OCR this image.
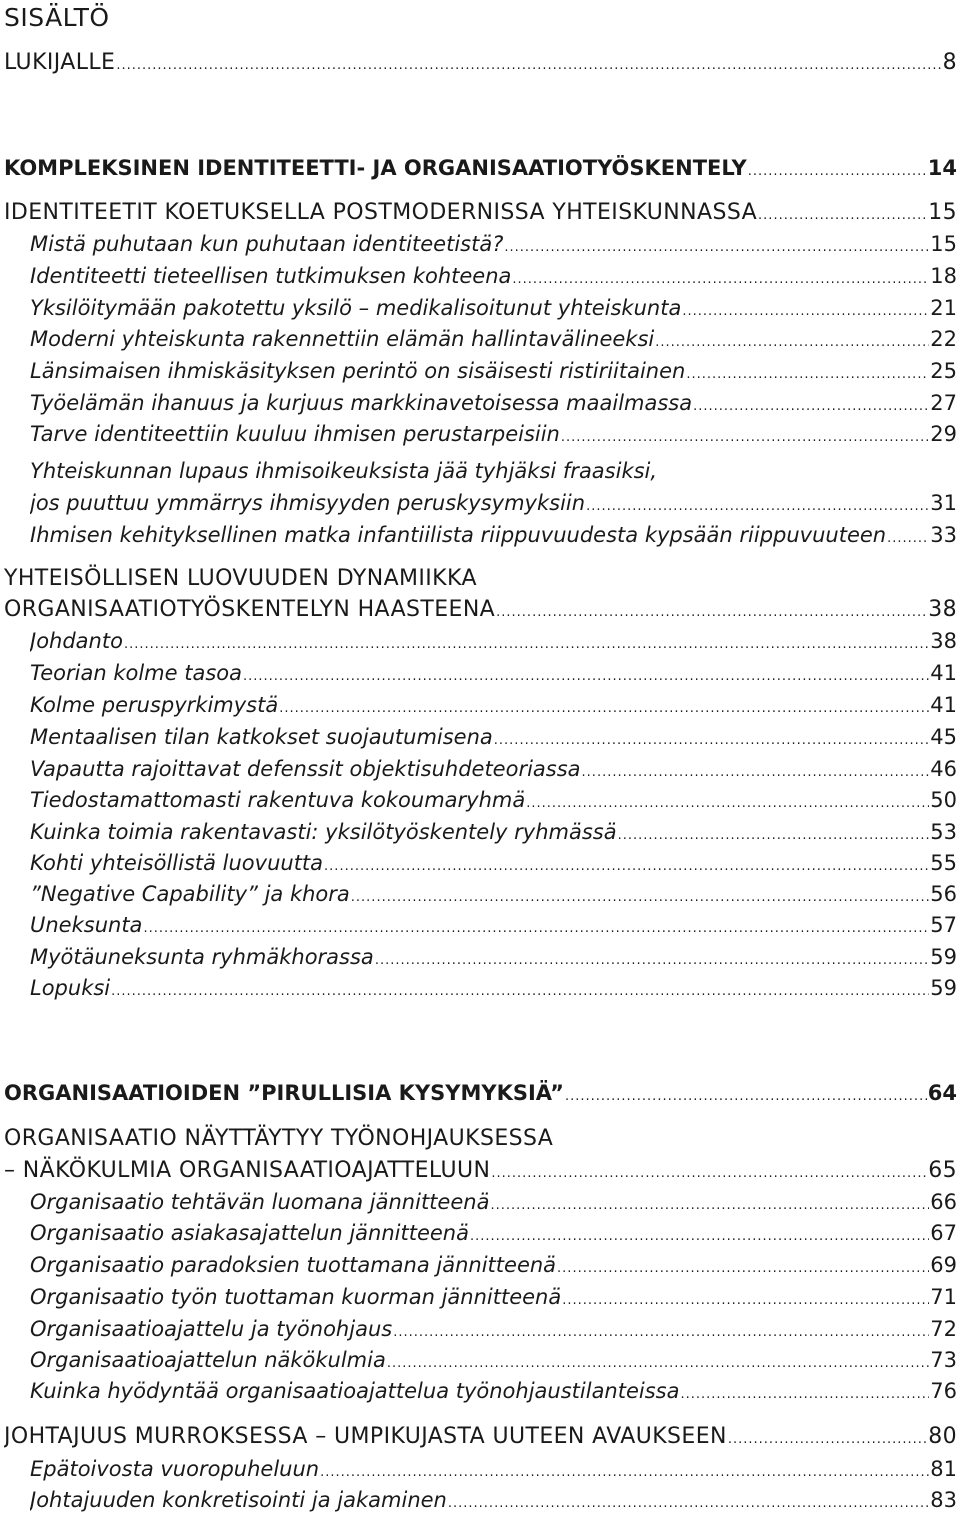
SISÄLTÖ
LUKIJALLE .....	8
KOMPLEKSINEN IDENTITEETTI- JA ORGANISAATIOTYÖSKENTELY .....	14
IDENTITEETIT KOETUKSELLA POSTMODERNISSA YHTEISKUNNASSA .....	15
Mistä puhutaan kun puhutaan identiteetistä? .....	15
Identiteetti tieteellisen tutkimuksen kohteena .....	18
Yksilöitymään pakotettu yksilö – medikalisoitunut yhteiskunta .....	21
Moderni yhteiskunta rakennettiin elämän hallintavälineeksi .....	22
Länsimaisen ihmiskäsityksen perintö on sisäisesti ristiriitainen .....	25
Työelämän ihanuus ja kurjuus markkinavetoisessa maailmassa .....	27
Tarve identiteettiin kuuluu ihmisen perustarpeisiin .....	29
Yhteiskunnan lupaus ihmisoikeuksista jää tyhjäksi fraasiksi,
jos puuttuu ymmärrys ihmisyyden peruskysymyksiin .....	31
Ihmisen kehityksellinen matka infantiilista riippuvuudesta kypsään riippuvuuteen ..... 33
YHTEISÖLLISEN LUOVUUDEN DYNAMIIKKA
ORGANISAATIOTYÖSKENTELYN HAASTEENA .....	38
Johdanto .....	38
Teorian kolme tasoa .....	41
Kolme peruspyrkimystä .....	41
Mentaalisen tilan katkokset suojautumisena .....	45
Vapautta rajoittavat defenssit objektisuhdeteoriassa .....	46
Tiedostamattomasti rakentuva kokoumaryhmä .....	50
Kuinka toimia rakentavasti: yksilötyöskentely ryhmässä .....	53
Kohti yhteisöllistä luovuutta .....	55
”Negative Capability” ja khora .....	56
Uneksunta .....	57
Myötäuneksunta ryhmäkhorassa .....	59
Lopuksi .....	59
ORGANISAATIOIDEN ”PIRULLISIA KYSYMYKSIÄ” .....	64
ORGANISAATIO NÄYTTÄYTYY TYÖNOHJAUKSESSA
– NÄKÖKULMIA ORGANISAATIOAJATTELUUN .....	65
Organisaatio tehtävän luomana jännitteenä .....	66
Organisaatio asiakasajattelun jännitteenä .....	67
Organisaatio paradoksien tuottamana jännitteenä .....	69
Organisaatio työn tuottaman kuorman jännitteenä .....	71
Organisaatioajattelu ja työnohjaus .....	72
Organisaatioajattelun näkökulmia .....	73
Kuinka hyödyntää organisaatioajattelua työnohjaustilanteissa .....	76
JOHTAJUUS MURROKSESSA – UMPIKUJASTA UUTEEN AVAUKSEEN .....	80
Epätoivosta vuoropuheluun .....	81
Johtajuuden konkretisointi ja jakaminen .....	83
